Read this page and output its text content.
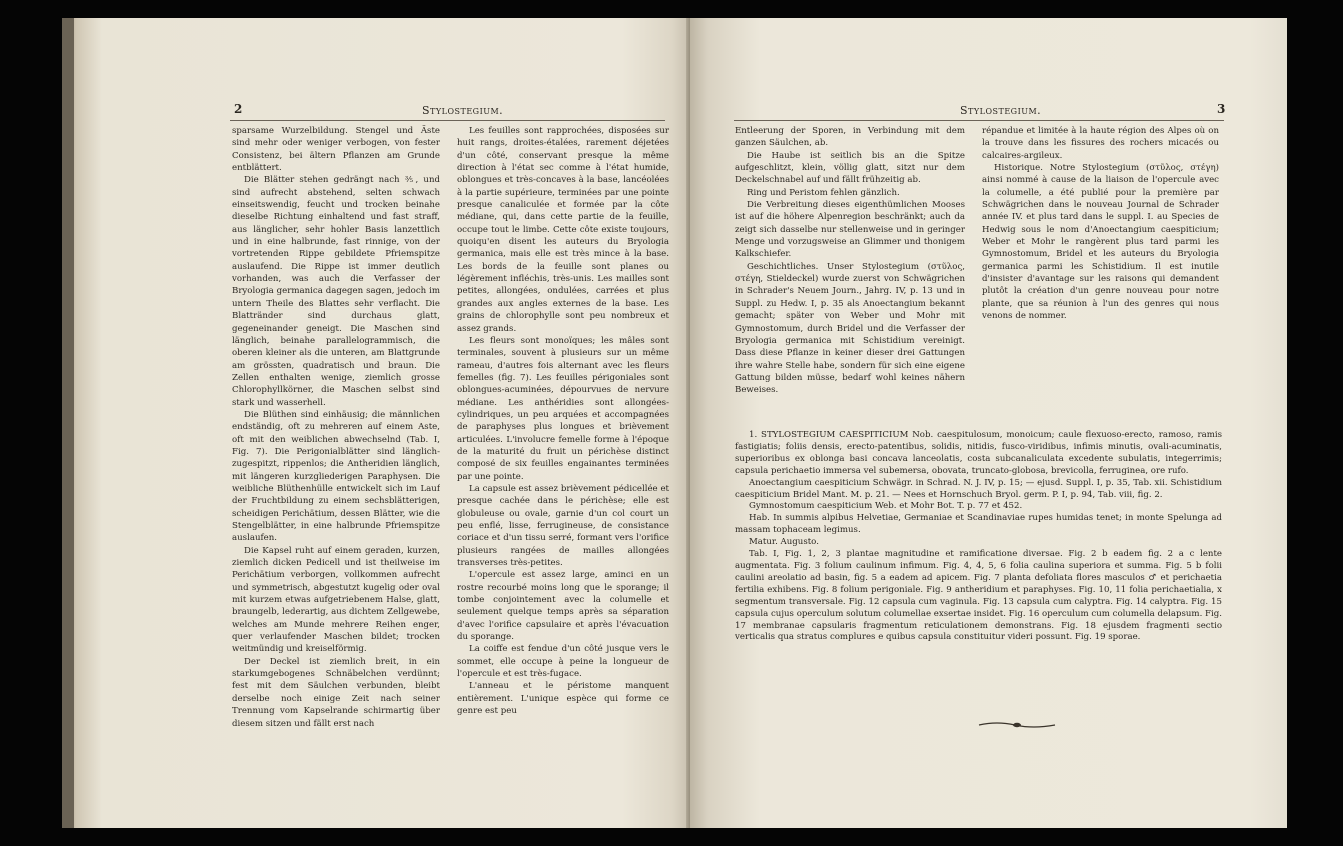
2	Stylostegium.

sparsame Wurzelbildung. Stengel und Äste sind mehr oder weniger verbogen, von fester Consistenz, bei ältern Pflanzen am Grunde entblättert.

Die Blätter stehen gedrängt nach ⅗, und sind aufrecht abstehend, selten schwach einseitswendig, feucht und trocken beinahe dieselbe Richtung einhaltend und fast straff, aus länglicher, sehr hohler Basis lanzettlich und in eine halbrunde, fast rinnige, von der vortretenden Rippe gebildete Pfriemspitze auslaufend. Die Rippe ist immer deutlich vorhanden, was auch die Verfasser der Bryologia germanica dagegen sagen, jedoch im untern Theile des Blattes sehr verflacht. Die Blattränder sind durchaus glatt, gegeneinander geneigt. Die Maschen sind länglich, beinahe parallelogrammisch, die oberen kleiner als die unteren, am Blattgrunde am grössten, quadratisch und braun. Die Zellen enthalten wenige, ziemlich grosse Chlorophyllkörner, die Maschen selbst sind stark und wasserhell.

Die Blüthen sind einhäusig; die männlichen endständig, oft zu mehreren auf einem Aste, oft mit den weiblichen abwechselnd (Tab. I, Fig. 7). Die Perigonialblätter sind länglich-zugespitzt, rippenlos; die Antheridien länglich, mit längeren kurzgliederigen Paraphysen. Die weibliche Blüthenhülle entwickelt sich im Lauf der Fruchtbildung zu einem sechsblätterigen, scheidigen Perichätium, dessen Blätter, wie die Stengelblätter, in eine halbrunde Pfriemspitze auslaufen.

Die Kapsel ruht auf einem geraden, kurzen, ziemlich dicken Pedicell und ist theilweise im Perichätium verborgen, vollkommen aufrecht und symmetrisch, abgestutzt kugelig oder oval mit kurzem etwas aufgetriebenem Halse, glatt, braungelb, lederartig, aus dichtem Zellgewebe, welches am Munde mehrere Reihen enger, quer verlaufender Maschen bildet; trocken weitmündig und kreiselförmig.

Der Deckel ist ziemlich breit, in ein starkumgebogenes Schnäbelchen verdünnt; fest mit dem Säulchen verbunden, bleibt derselbe noch einige Zeit nach seiner Trennung vom Kapselrande schirmartig über diesem sitzen und fällt erst nach

Les feuilles sont rapprochées, disposées sur huit rangs, droites-étalées, rarement déjetées d'un côté, conservant presque la même direction à l'état sec comme à l'état humide, oblongues et très-concaves à la base, lancéolées à la partie supérieure, terminées par une pointe presque canaliculée et formée par la côte médiane, qui, dans cette partie de la feuille, occupe tout le limbe. Cette côte existe toujours, quoiqu'en disent les auteurs du Bryologia germanica, mais elle est très mince à la base. Les bords de la feuille sont planes ou légèrement infléchis, très-unis. Les mailles sont petites, allongées, ondulées, carrées et plus grandes aux angles externes de la base. Les grains de chlorophylle sont peu nombreux et assez grands.

Les fleurs sont monoïques; les mâles sont terminales, souvent à plusieurs sur un même rameau, d'autres fois alternant avec les fleurs femelles (fig. 7). Les feuilles périgoniales sont oblongues-acuminées, dépourvues de nervure médiane. Les anthéridies sont allongées-cylindriques, un peu arquées et accompagnées de paraphyses plus longues et brièvement articulées. L'involucre femelle forme à l'époque de la maturité du fruit un périchèse distinct composé de six feuilles engainantes terminées par une pointe.

La capsule est assez brièvement pédicellée et presque cachée dans le périchèse; elle est globuleuse ou ovale, garnie d'un col court un peu enflé, lisse, ferrugineuse, de consistance coriace et d'un tissu serré, formant vers l'orifice plusieurs rangées de mailles allongées transverses très-petites.

L'opercule est assez large, aminci en un rostre recourbé moins long que le sporange; il tombe conjointement avec la columelle et seulement quelque temps après sa séparation d'avec l'orifice capsulaire et après l'évacuation du sporange.

La coiffe est fendue d'un côté jusque vers le sommet, elle occupe à peine la longueur de l'opercule et est très-fugace.

L'anneau et le péristome manquent entièrement. L'unique espèce qui forme ce genre est peu

Stylostegium.	3

Entleerung der Sporen, in Verbindung mit dem ganzen Säulchen, ab.

Die Haube ist seitlich bis an die Spitze aufgeschlitzt, klein, völlig glatt, sitzt nur dem Deckelschnabel auf und fällt frühzeitig ab.

Ring und Peristom fehlen gänzlich.

Die Verbreitung dieses eigenthümlichen Mooses ist auf die höhere Alpenregion beschränkt; auch da zeigt sich dasselbe nur stellenweise und in geringer Menge und vorzugsweise an Glimmer und thonigem Kalkschiefer.

Geschichtliches. Unser Stylostegium (στῦλος, στέγη, Stieldeckel) wurde zuerst von Schwägrichen in Schrader's Neuem Journ., Jahrg. IV, p. 13 und in Suppl. zu Hedw. I, p. 35 als Anoectangium bekannt gemacht; später von Weber und Mohr mit Gymnostomum, durch Bridel und die Verfasser der Bryologia germanica mit Schistidium vereinigt. Dass diese Pflanze in keiner dieser drei Gattungen ihre wahre Stelle habe, sondern für sich eine eigene Gattung bilden müsse, bedarf wohl keines nähern Beweises.

répandue et limitée à la haute région des Alpes où on la trouve dans les fissures des rochers micacés ou calcaires-argileux.

Historique. Notre Stylostegium (στῦλος, στέγη) ainsi nommé à cause de la liaison de l'opercule avec la columelle, a été publié pour la première par Schwägrichen dans le nouveau Journal de Schrader année IV. et plus tard dans le suppl. I. au Species de Hedwig sous le nom d'Anoectangium caespiticium; Weber et Mohr le rangèrent plus tard parmi les Gymnostomum, Bridel et les auteurs du Bryologia germanica parmi les Schistidium. Il est inutile d'insister d'avantage sur les raisons qui demandent plutôt la création d'un genre nouveau pour notre plante, que sa réunion à l'un des genres qui nous venons de nommer.

1. STYLOSTEGIUM CAESPITICIUM Nob. caespitulosum, monoicum; caule flexuoso-erecto, ramoso, ramis fastigiatis; foliis densis, erecto-patentibus, solidis, nitidis, fusco-viridibus, infimis minutis, ovali-acuminatis, superioribus ex oblonga basi concava lanceolatis, costa subcanaliculata excedente subulatis, integerrimis; capsula perichaetio immersa vel subemersa, obovata, truncato-globosa, brevicolla, ferruginea, ore rufo.

Anoectangium caespiticium Schwägr. in Schrad. N. J. IV, p. 15; — ejusd. Suppl. I, p. 35, Tab. xii. Schistidium caespiticium Bridel Mant. M. p. 21. — Nees et Hornschuch Bryol. germ. P. I, p. 94, Tab. viii, fig. 2.

Gymnostomum caespiticium Web. et Mohr Bot. T. p. 77 et 452.

Hab. In summis alpibus Helvetiae, Germaniae et Scandinaviae rupes humidas tenet; in monte Spelunga ad massam tophaceam legimus.

Matur. Augusto.

Tab. I, Fig. 1, 2, 3 plantae magnitudine et ramificatione diversae. Fig. 2 b eadem fig. 2 a c lente augmentata. Fig. 3 folium caulinum infimum. Fig. 4, 4, 5, 6 folia caulina superiora et summa. Fig. 5 b folii caulini areolatio ad basin, fig. 5 a eadem ad apicem. Fig. 7 planta defoliata flores masculos ♂ et perichaetia fertilia exhibens. Fig. 8 folium perigoniale. Fig. 9 antheridium et paraphyses. Fig. 10, 11 folia perichaetialia, x segmentum transversale. Fig. 12 capsula cum vaginula. Fig. 13 capsula cum calyptra. Fig. 14 calyptra. Fig. 15 capsula cujus operculum solutum columellae exsertae insidet. Fig. 16 operculum cum columella delapsum. Fig. 17 membranae capsularis fragmentum reticulationem demonstrans. Fig. 18 ejusdem fragmenti sectio verticalis qua stratus complures e quibus capsula constituitur videri possunt. Fig. 19 sporae.
